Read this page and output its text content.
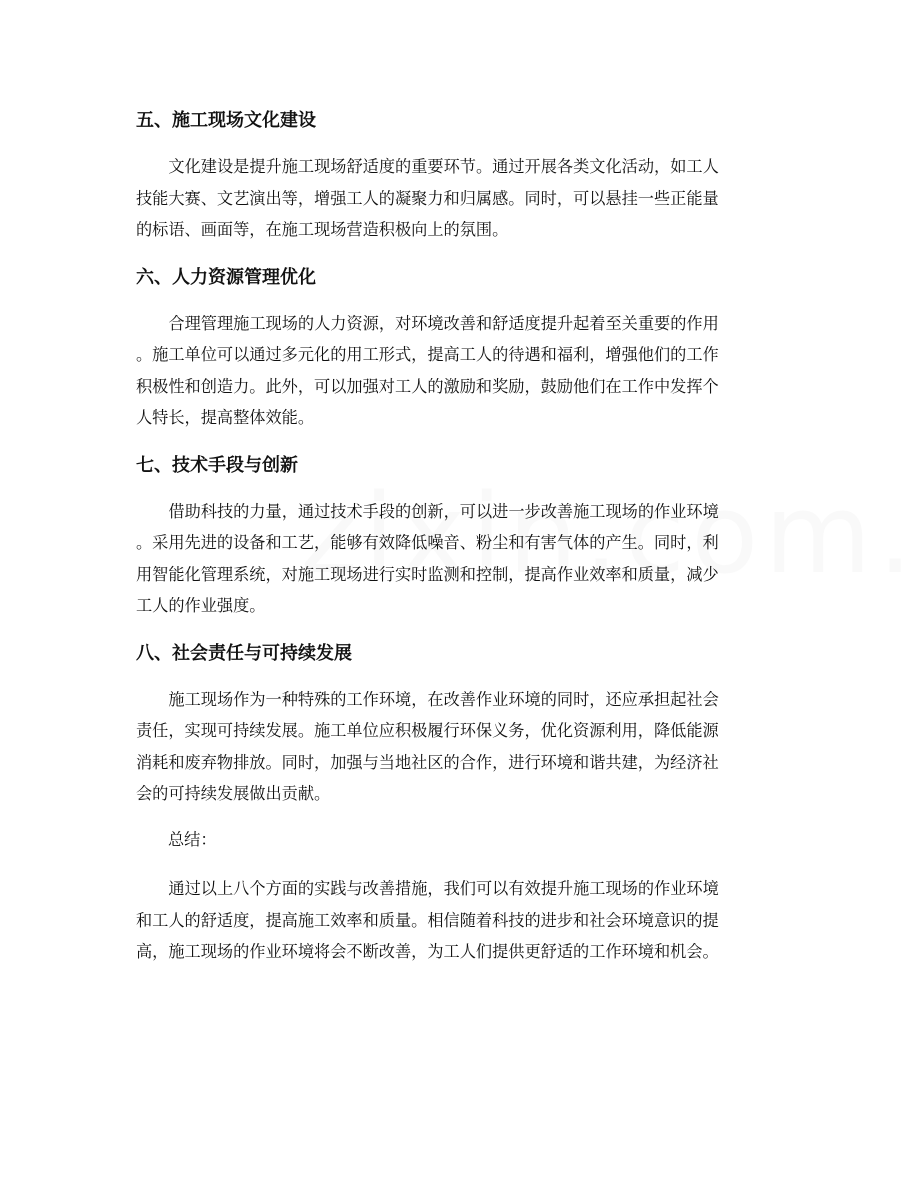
五、施工现场文化建设
文化建设是提升施工现场舒适度的重要环节。通过开展各类文化活动，如工人
技能大赛、文艺演出等，增强工人的凝聚力和归属感。同时，可以悬挂一些正能量
的标语、画面等，在施工现场营造积极向上的氛围。
六、人力资源管理优化
合理管理施工现场的人力资源，对环境改善和舒适度提升起着至关重要的作用
。施工单位可以通过多元化的用工形式，提高工人的待遇和福利，增强他们的工作
积极性和创造力。此外，可以加强对工人的激励和奖励，鼓励他们在工作中发挥个
人特长，提高整体效能。
七、技术手段与创新
借助科技的力量，通过技术手段的创新，可以进一步改善施工现场的作业环境
。采用先进的设备和工艺，能够有效降低噪音、粉尘和有害气体的产生。同时，利
用智能化管理系统，对施工现场进行实时监测和控制，提高作业效率和质量，减少
工人的作业强度。
八、社会责任与可持续发展
施工现场作为一种特殊的工作环境，在改善作业环境的同时，还应承担起社会
责任，实现可持续发展。施工单位应积极履行环保义务，优化资源利用，降低能源
消耗和废弃物排放。同时，加强与当地社区的合作，进行环境和谐共建，为经济社
会的可持续发展做出贡献。
总结：
通过以上八个方面的实践与改善措施，我们可以有效提升施工现场的作业环境
和工人的舒适度，提高施工效率和质量。相信随着科技的进步和社会环境意识的提
高，施工现场的作业环境将会不断改善，为工人们提供更舒适的工作环境和机会。
